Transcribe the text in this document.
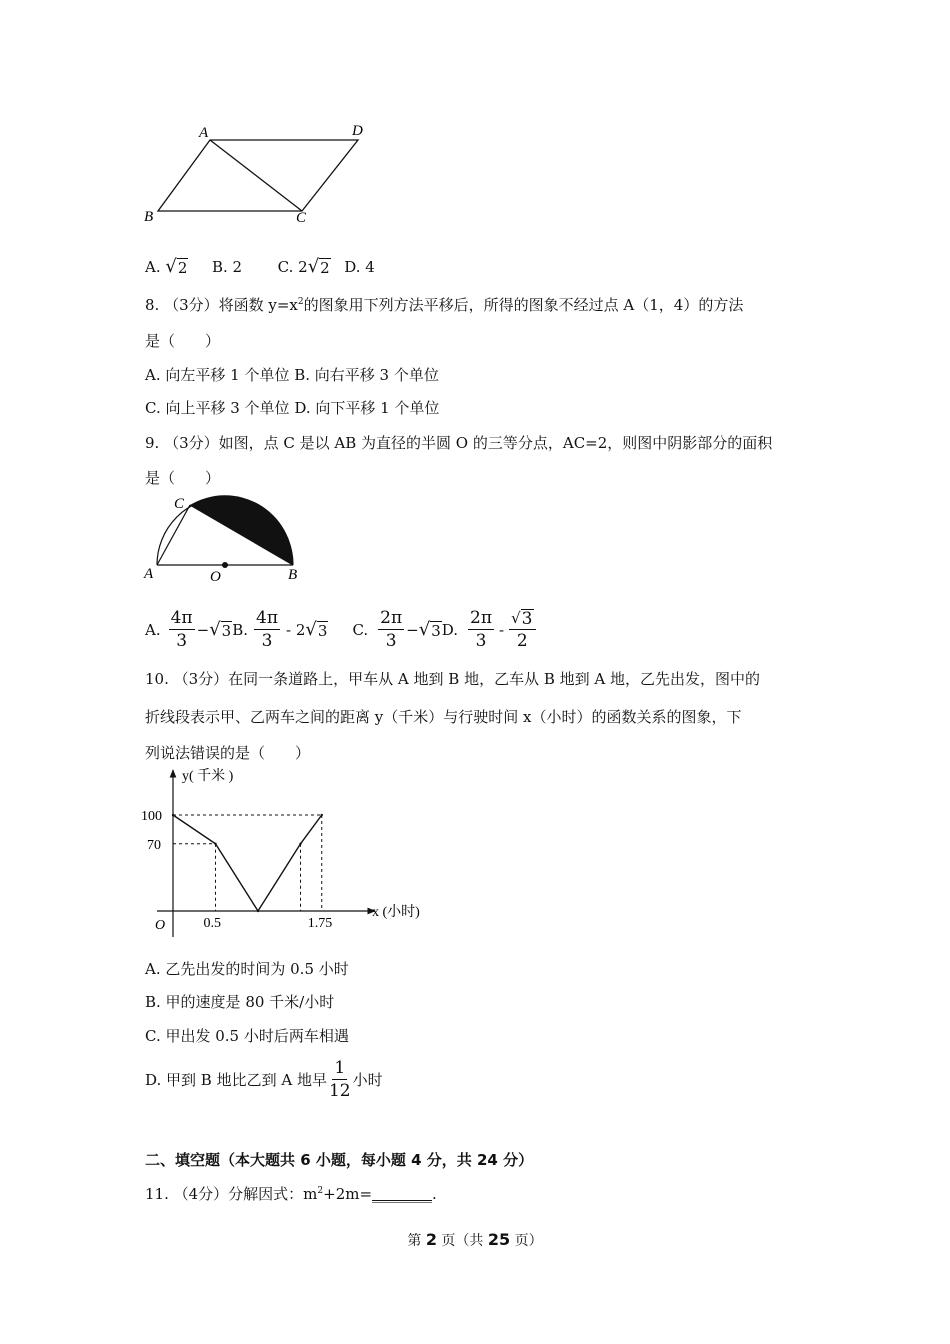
A	D
B	C
A. √ 2 B. 2 C. 2 √ 2 D. 4
8. （3分）将函数 $y=x^2$的图象用下列方法平移后，所得的图象不经过点 A（1，4）的方法
是（　　）
A. 向左平移 1 个单位 B. 向右平移 3 个单位
C. 向上平移 3 个单位 D. 向下平移 1 个单位
9. （3分）如图，点 C 是以 AB 为直径的半圆 O 的三等分点，AC=2，则图中阴影部分的面积
是（　　）
C
A	O	B
A. $\frac{4\pi}{3}$ − √ 3 B. $\frac{4\pi}{3} - 2$ √ 3 C. $\frac{2\pi}{3}$ − √ 3 D. $\frac{2\pi}{3} - \frac{√ 3}{2}$
10. （3分）在同一条道路上，甲车从 A 地到 B 地，乙车从 B 地到 A 地，乙先出发，图中的
折线段表示甲、乙两车之间的距离 y（千米）与行驶时间 x（小时）的函数关系的图象，下
列说法错误的是（　　）
100
70
0.5	1.75
O
x (小时)
y( 千米 )
A. 乙先出发的时间为 0.5 小时
B. 甲的速度是 80 千米/小时
C. 甲出发 0.5 小时后两车相遇
D. 甲到 B 地比乙到 A 地早 $\frac{1}{12}$ 小时
二、填空题（本大题共 6 小题，每小题 4 分，共 24 分）
11. （4分）分解因式：$m^2+2m=\_\_\_\_\_\_\_\_$.
第 2 页（共 25 页）
